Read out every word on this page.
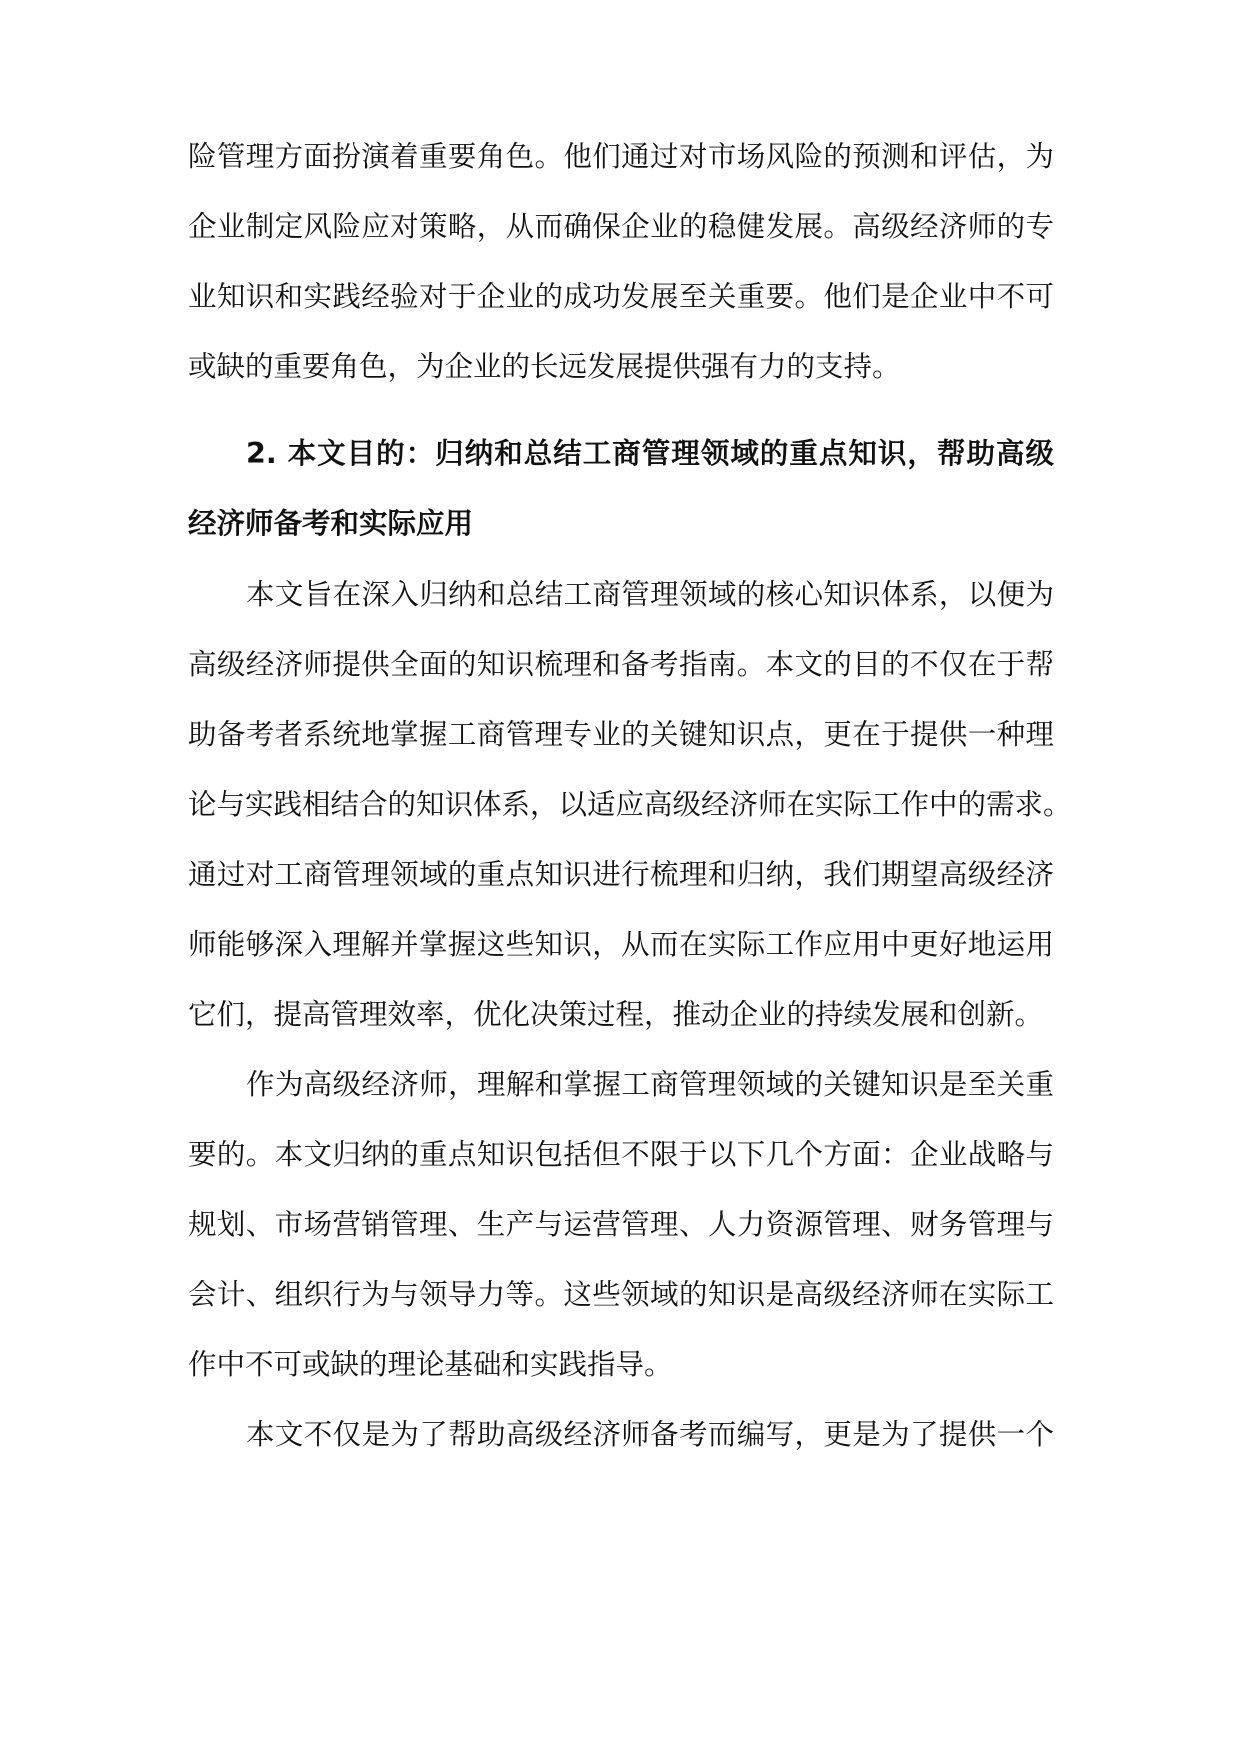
险管理方面扮演着重要角色。他们通过对市场风险的预测和评估，为
企业制定风险应对策略，从而确保企业的稳健发展。高级经济师的专
业知识和实践经验对于企业的成功发展至关重要。他们是企业中不可
或缺的重要角色，为企业的长远发展提供强有力的支持。
2. 本文目的：归纳和总结工商管理领域的重点知识，帮助高级
经济师备考和实际应用
本文旨在深入归纳和总结工商管理领域的核心知识体系，以便为
高级经济师提供全面的知识梳理和备考指南。本文的目的不仅在于帮
助备考者系统地掌握工商管理专业的关键知识点，更在于提供一种理
论与实践相结合的知识体系，以适应高级经济师在实际工作中的需求。
通过对工商管理领域的重点知识进行梳理和归纳，我们期望高级经济
师能够深入理解并掌握这些知识，从而在实际工作应用中更好地运用
它们，提高管理效率，优化决策过程，推动企业的持续发展和创新。
作为高级经济师，理解和掌握工商管理领域的关键知识是至关重
要的。本文归纳的重点知识包括但不限于以下几个方面：企业战略与
规划、市场营销管理、生产与运营管理、人力资源管理、财务管理与
会计、组织行为与领导力等。这些领域的知识是高级经济师在实际工
作中不可或缺的理论基础和实践指导。
本文不仅是为了帮助高级经济师备考而编写，更是为了提供一个
